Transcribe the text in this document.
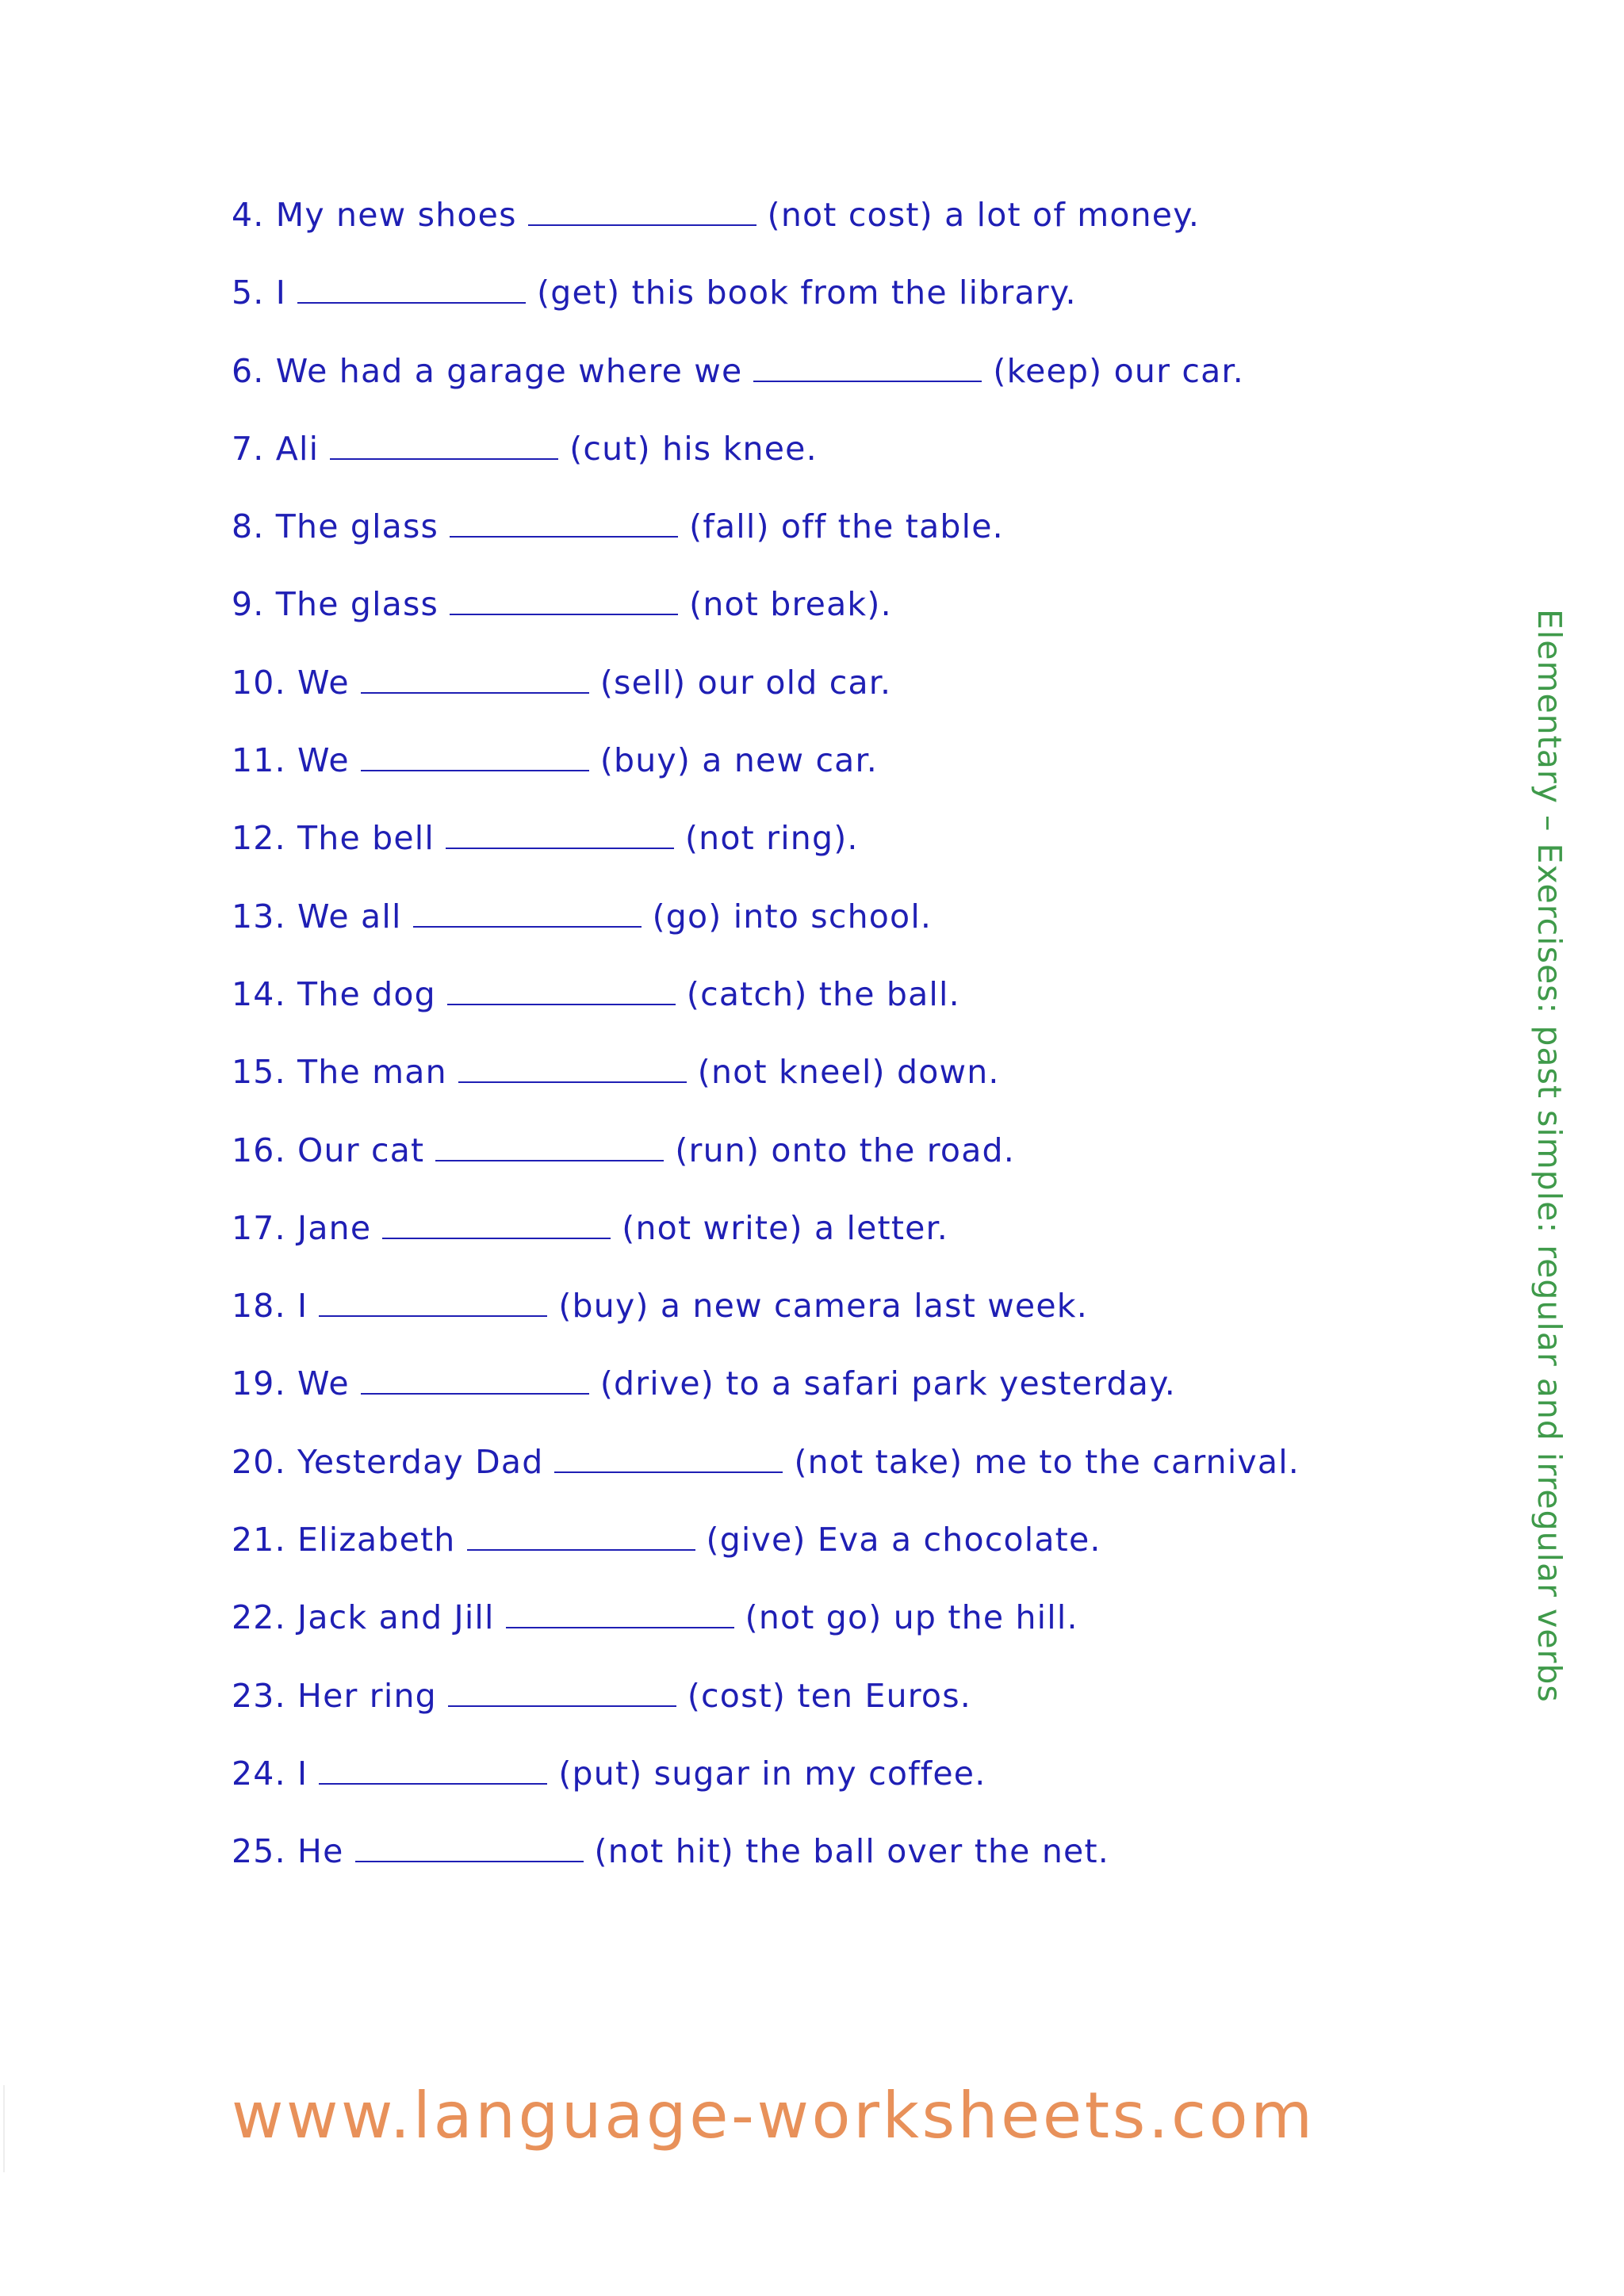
4. My new shoes	(not cost) a lot of money.
5. I	(get) this book from the library.
6. We had a garage where we	(keep) our car.
7. Ali	(cut) his knee.
8. The glass	(fall) off the table.
9. The glass	(not break).
10. We	(sell) our old car.
11. We	(buy) a new car.
12. The bell	(not ring).
13. We all	(go) into school.
14. The dog	(catch) the ball.
15. The man	(not kneel) down.
16. Our cat	(run) onto the road.
17. Jane	(not write) a letter.
18. I	(buy) a new camera last week.
19. We	(drive) to a safari park yesterday.
20. Yesterday Dad	(not take) me to the carnival.
21. Elizabeth	(give) Eva a chocolate.
22. Jack and Jill	(not go) up the hill.
23. Her ring	(cost) ten Euros.
24. I	(put) sugar in my coffee.
25. He	(not hit) the ball over the net.
Elementary – Exercises: past simple: regular and irregular verbs
www.language-worksheets.com
